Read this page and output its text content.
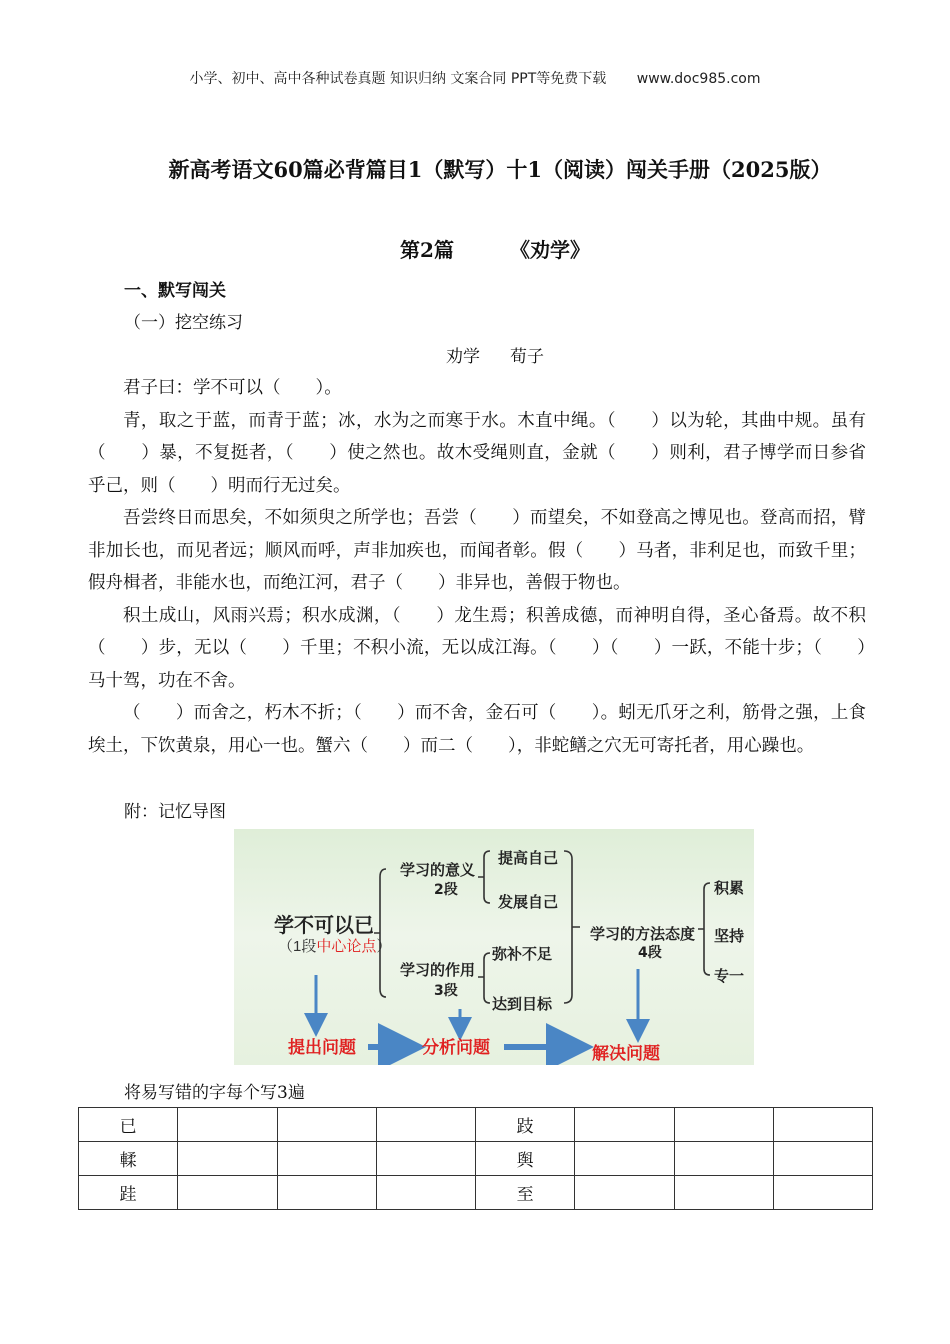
小学、初中、高中各种试卷真题 知识归纳 文案合同 PPT等免费下载 www.doc985.com
新高考语文60篇必背篇目1（默写）十1（阅读）闯关手册（2025版）
第2篇	《劝学》
一、默写闯关
（一）挖空练习
劝学 荀子

君子曰：学不可以（ ）。

青，取之于蓝，而青于蓝；冰，水为之而寒于水。木直中绳。（ ）以为轮，其曲中规。虽有（ ）暴，不复挺者，（ ）使之然也。故木受绳则直，金就（ ）则利，君子博学而日参省乎己，则（ ）明而行无过矣。

吾尝终日而思矣，不如须臾之所学也；吾尝（ ）而望矣，不如登高之博见也。登高而招，臂非加长也，而见者远；顺风而呼，声非加疾也，而闻者彰。假（ ）马者，非利足也，而致千里；假舟楫者，非能水也，而绝江河，君子（ ）非异也，善假于物也。

积土成山，风雨兴焉；积水成渊，（ ）龙生焉；积善成德，而神明自得，圣心备焉。故不积（ ）步，无以（ ）千里；不积小流，无以成江海。（ ）（ ）一跃，不能十步；（ ）马十驾，功在不舍。

（ ）而舍之，朽木不折；（ ）而不舍，金石可（ ）。蚓无爪牙之利，筋骨之强，上食埃土，下饮黄泉，用心一也。蟹六（ ）而二（ ），非蛇鳝之穴无可寄托者，用心躁也。

附：记忆导图
学不可以已
（1段中心论点）
学习的意义
2段
提高自己
发展自己
学习的作用
3段
弥补不足
达到目标
学习的方法态度
4段
积累
坚持
专一
提出问题	分析问题	解决问题
将易写错的字每个写3遍
已				跂			
輮				舆			
跬				至			
